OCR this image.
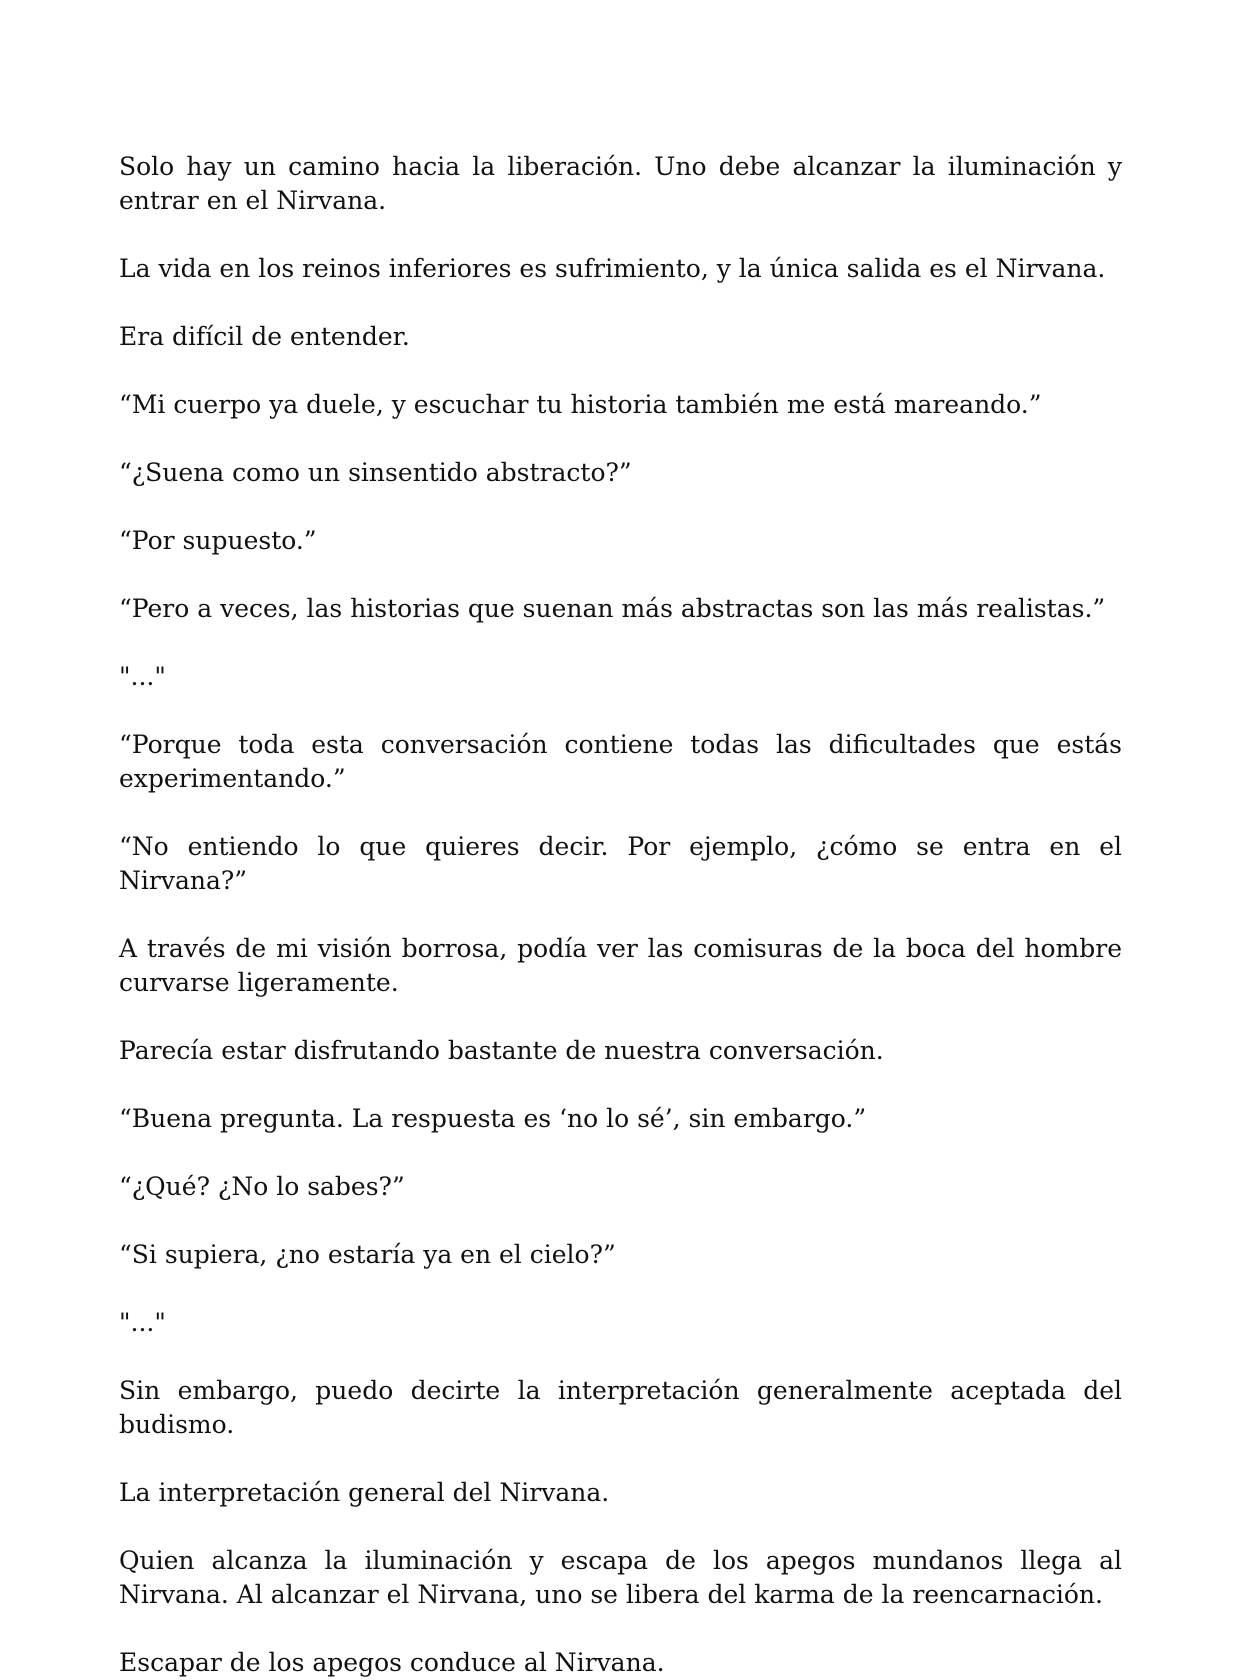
Solo hay un camino hacia la liberación. Uno debe alcanzar la iluminación y entrar en el Nirvana.

La vida en los reinos inferiores es sufrimiento, y la única salida es el Nirvana.

Era difícil de entender.

“Mi cuerpo ya duele, y escuchar tu historia también me está mareando.”

“¿Suena como un sinsentido abstracto?”

“Por supuesto.”

“Pero a veces, las historias que suenan más abstractas son las más realistas.”

"..."

“Porque toda esta conversación contiene todas las dificultades que estás experimentando.”

“No entiendo lo que quieres decir. Por ejemplo, ¿cómo se entra en el Nirvana?”

A través de mi visión borrosa, podía ver las comisuras de la boca del hombre curvarse ligeramente.

Parecía estar disfrutando bastante de nuestra conversación.

“Buena pregunta. La respuesta es ‘no lo sé’, sin embargo.”

“¿Qué? ¿No lo sabes?”

“Si supiera, ¿no estaría ya en el cielo?”

"..."

Sin embargo, puedo decirte la interpretación generalmente aceptada del budismo.

La interpretación general del Nirvana.

Quien alcanza la iluminación y escapa de los apegos mundanos llega al Nirvana. Al alcanzar el Nirvana, uno se libera del karma de la reencarnación.

Escapar de los apegos conduce al Nirvana.
